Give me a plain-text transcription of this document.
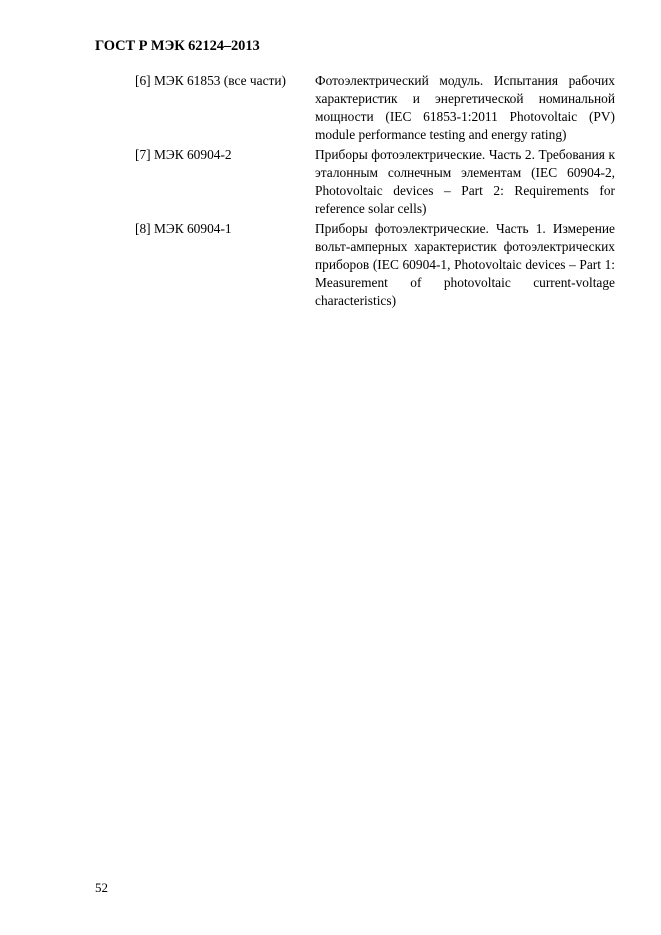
ГОСТ Р МЭК 62124–2013
[6] МЭК 61853 (все части)	Фотоэлектрический модуль. Испытания рабочих характеристик и энергетической номинальной мощности (IEC 61853-1:2011 Photovoltaic (PV) module performance testing and energy rating)
[7] МЭК 60904-2	Приборы фотоэлектрические. Часть 2. Требования к эталонным солнечным элементам (IEC 60904-2, Photovoltaic devices – Part 2: Requirements for reference solar cells)
[8] МЭК 60904-1	Приборы фотоэлектрические. Часть 1. Измерение вольт-амперных характеристик фотоэлектрических приборов (IEC 60904-1, Photovoltaic devices – Part 1: Measurement of photovoltaic current-voltage characteristics)
52
